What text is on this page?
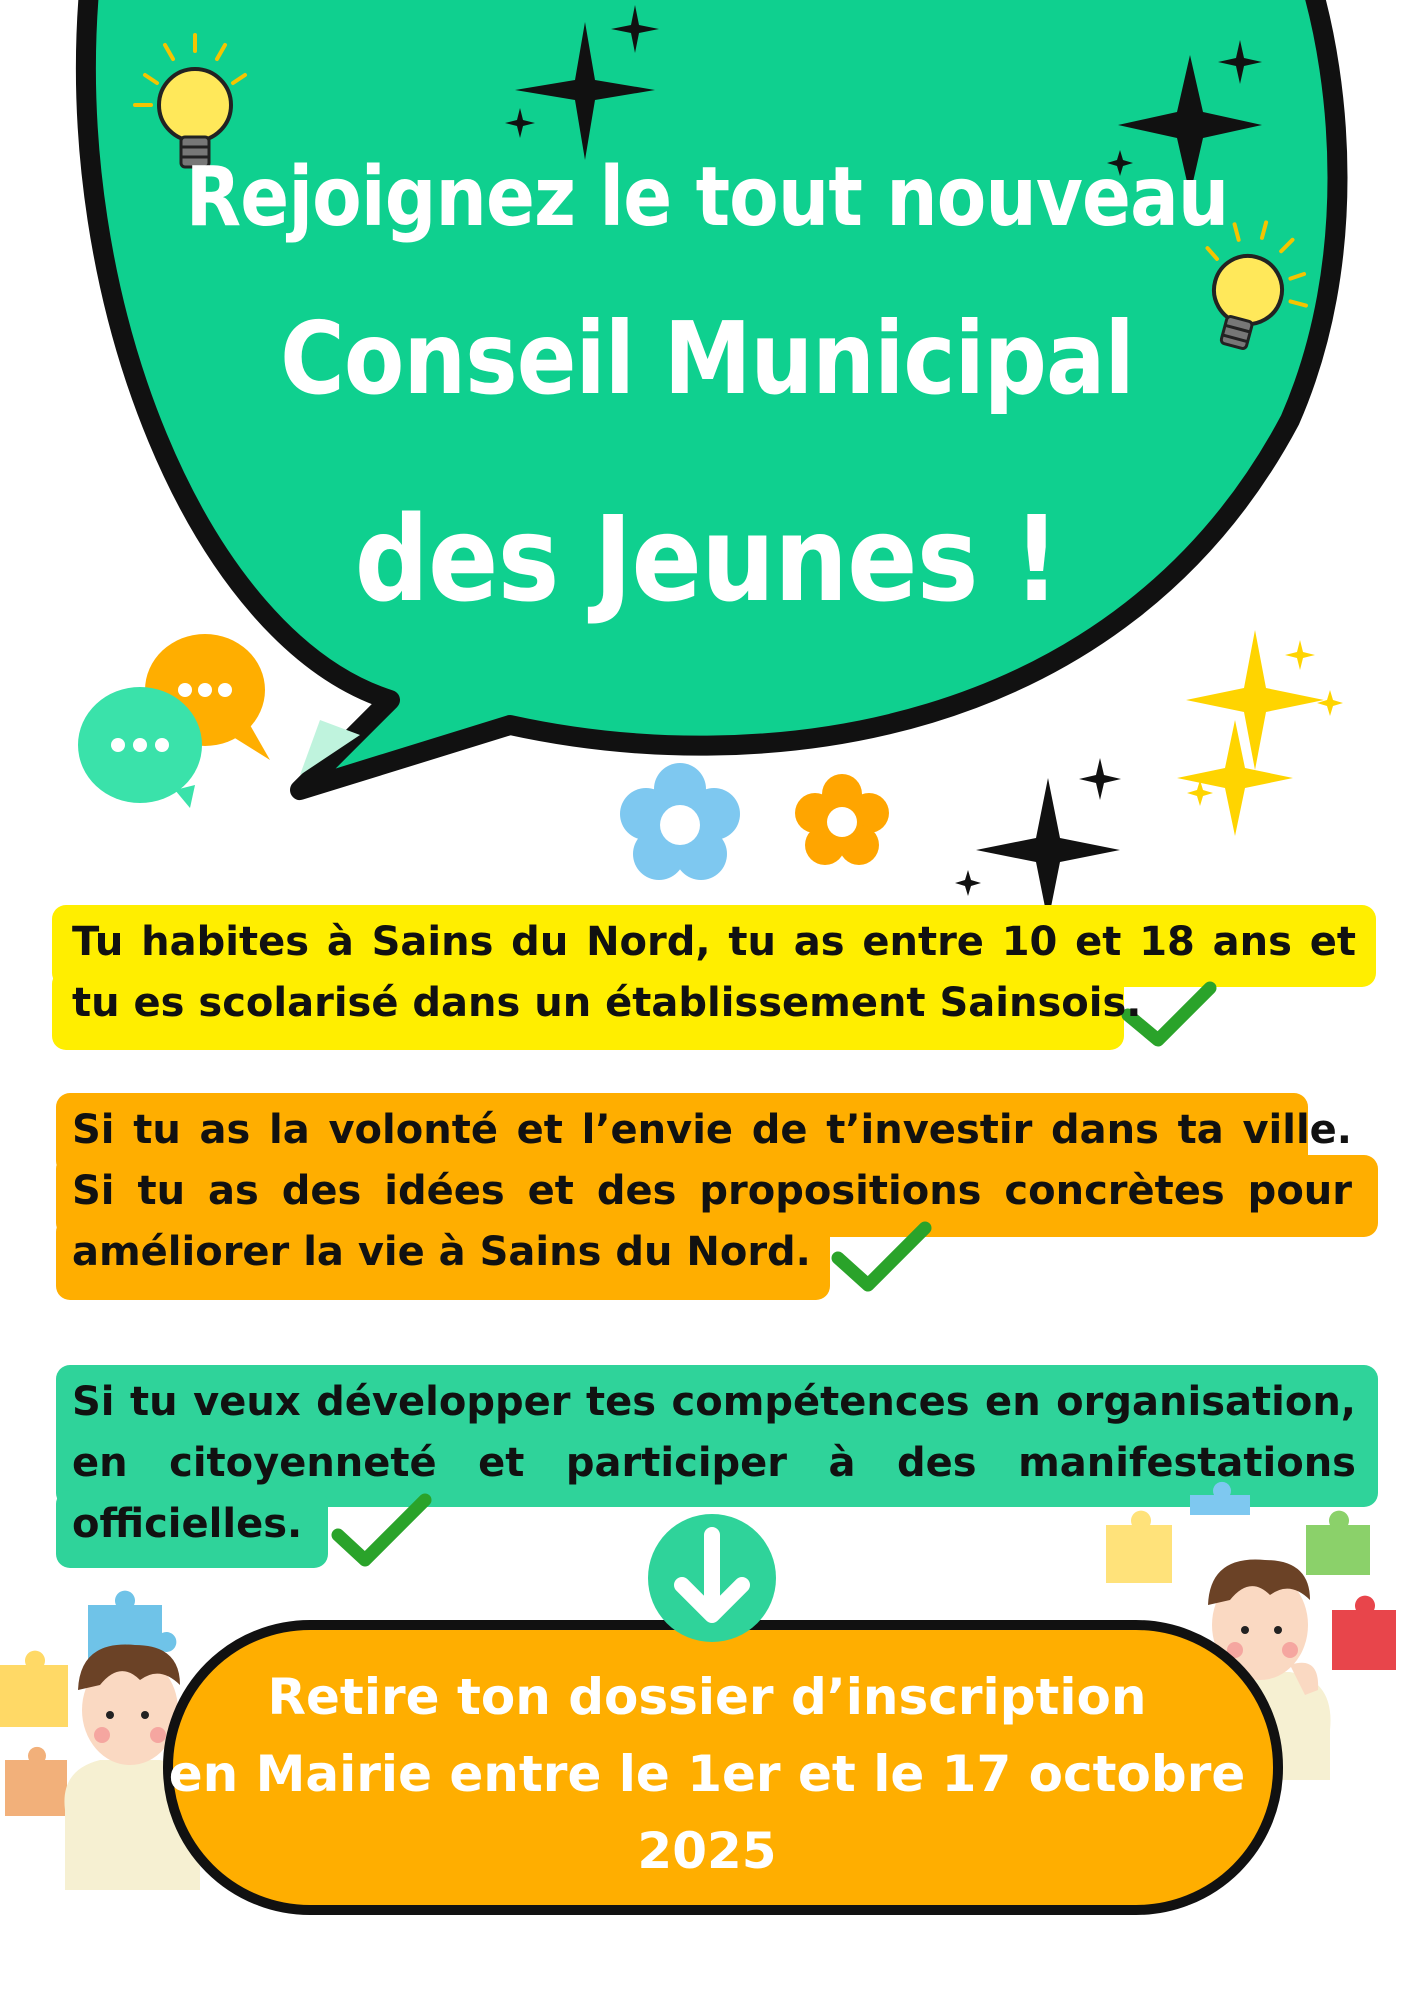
Rejoignez le tout nouveau
Conseil Municipal
des Jeunes !

Tu habites à Sains du Nord, tu as entre 10 et 18 ans et tu es scolarisé dans un établissement Sainsois.

Si tu as la volonté et l’envie de t’investir dans ta ville. Si tu as des idées et des propositions concrètes pour améliorer la vie à Sains du Nord.

Si tu veux développer tes compétences en organisation, en citoyenneté et participer à des manifestations officielles.

Retire ton dossier d’inscription
en Mairie entre le 1er et le 17 octobre
2025
